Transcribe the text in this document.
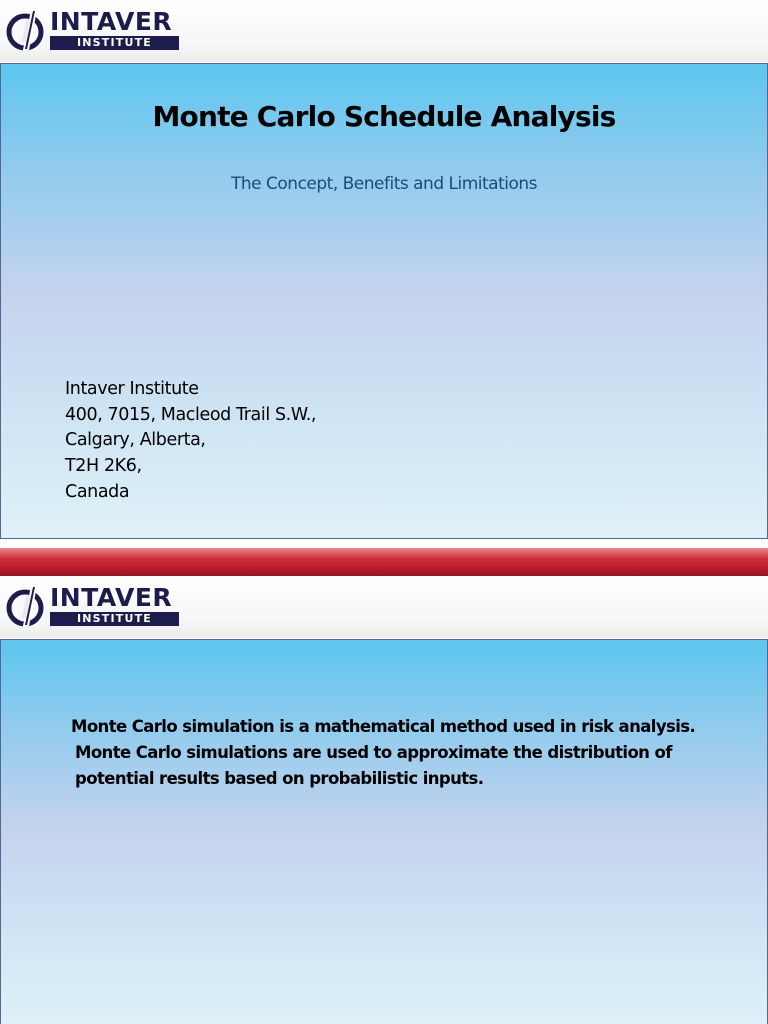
INTAVER
INSTITUTE
Monte Carlo Schedule Analysis
The Concept, Benefits and Limitations
Intaver Institute
400, 7015, Macleod Trail S.W.,
Calgary, Alberta,
T2H 2K6,
Canada
INTAVER
INSTITUTE
Monte Carlo simulation is a mathematical method used in risk analysis.
Monte Carlo simulations are used to approximate the distribution of
potential results based on probabilistic inputs.
